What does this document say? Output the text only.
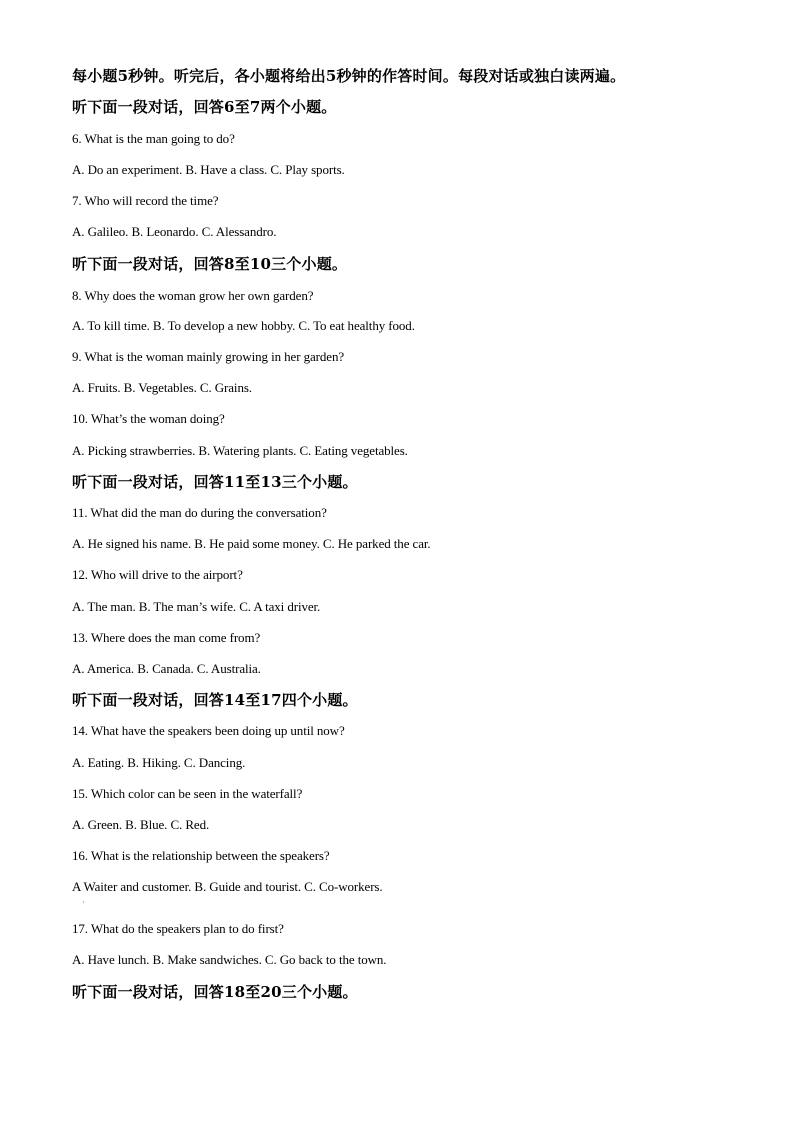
每小题5秒钟。听完后，各小题将给出5秒钟的作答时间。每段对话或独白读两遍。
听下面一段对话，回答6至7两个小题。
6. What is the man going to do?
A. Do an experiment. B. Have a class. C. Play sports.
7. Who will record the time?
A. Galileo. B. Leonardo. C. Alessandro.
听下面一段对话，回答8至10三个小题。
8. Why does the woman grow her own garden?
A. To kill time. B. To develop a new hobby. C. To eat healthy food.
9. What is the woman mainly growing in her garden?
A. Fruits. B. Vegetables. C. Grains.
10. What’s the woman doing?
A. Picking strawberries. B. Watering plants. C. Eating vegetables.
听下面一段对话，回答11至13三个小题。
11. What did the man do during the conversation?
A. He signed his name. B. He paid some money. C. He parked the car.
12. Who will drive to the airport?
A. The man. B. The man’s wife. C. A taxi driver.
13. Where does the man come from?
A. America. B. Canada. C. Australia.
听下面一段对话，回答14至17四个小题。
14. What have the speakers been doing up until now?
A. Eating. B. Hiking. C. Dancing.
15. Which color can be seen in the waterfall?
A. Green. B. Blue. C. Red.
16. What is the relationship between the speakers?
A Waiter and customer. B. Guide and tourist. C. Co-workers.
·
17. What do the speakers plan to do first?
A. Have lunch. B. Make sandwiches. C. Go back to the town.
听下面一段对话，回答18至20三个小题。
